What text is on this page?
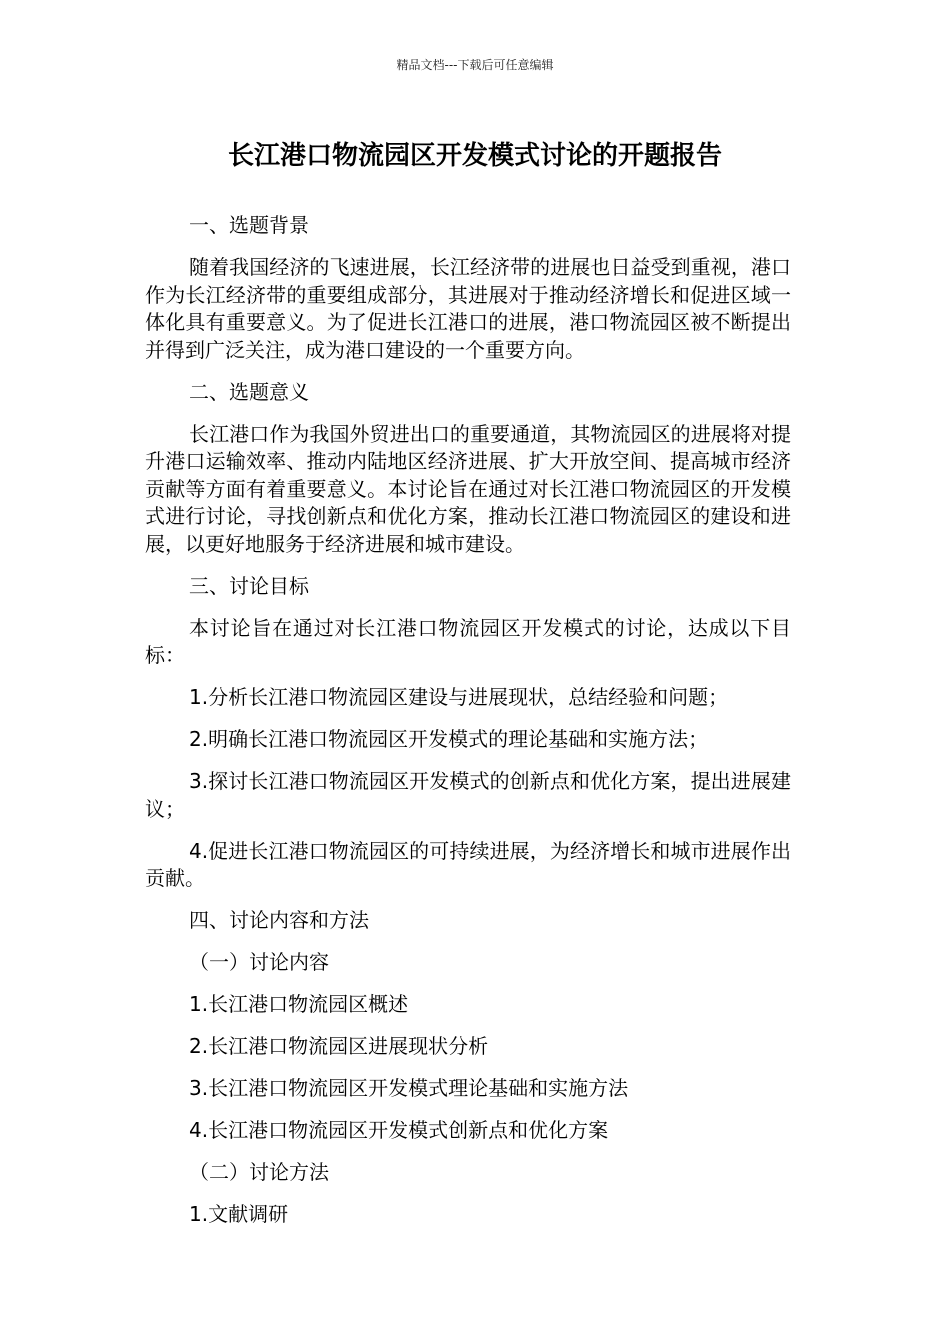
精品文档---下载后可任意编辑
长江港口物流园区开发模式讨论的开题报告

一、选题背景

随着我国经济的飞速进展，长江经济带的进展也日益受到重视，港口作为长江经济带的重要组成部分，其进展对于推动经济增长和促进区域一体化具有重要意义。为了促进长江港口的进展，港口物流园区被不断提出并得到广泛关注，成为港口建设的一个重要方向。

二、选题意义

长江港口作为我国外贸进出口的重要通道，其物流园区的进展将对提升港口运输效率、推动内陆地区经济进展、扩大开放空间、提高城市经济贡献等方面有着重要意义。本讨论旨在通过对长江港口物流园区的开发模式进行讨论，寻找创新点和优化方案，推动长江港口物流园区的建设和进展，以更好地服务于经济进展和城市建设。

三、讨论目标

本讨论旨在通过对长江港口物流园区开发模式的讨论，达成以下目标：

1.分析长江港口物流园区建设与进展现状，总结经验和问题；

2.明确长江港口物流园区开发模式的理论基础和实施方法；

3.探讨长江港口物流园区开发模式的创新点和优化方案，提出进展建议；

4.促进长江港口物流园区的可持续进展，为经济增长和城市进展作出贡献。

四、讨论内容和方法

（一）讨论内容

1.长江港口物流园区概述

2.长江港口物流园区进展现状分析

3.长江港口物流园区开发模式理论基础和实施方法

4.长江港口物流园区开发模式创新点和优化方案

（二）讨论方法

1.文献调研
